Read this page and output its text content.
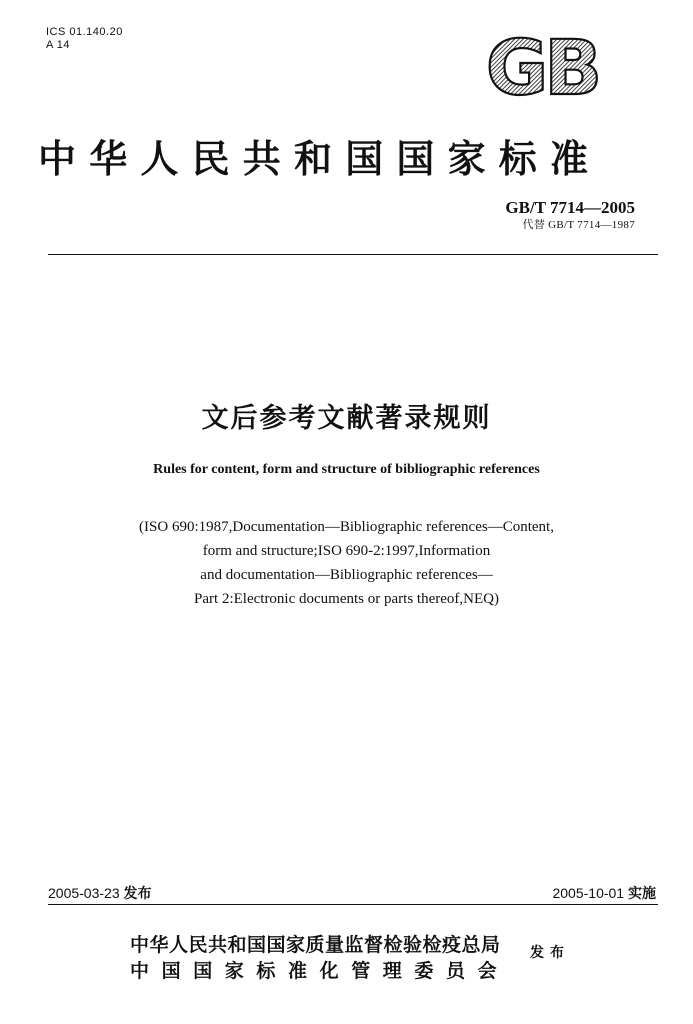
ICS 01.140.20
A 14	GB
中华人民共和国国家标准
GB/T 7714—2005
代替 GB/T 7714—1987
文后参考文献著录规则
Rules for content, form and structure of bibliographic references
(ISO 690:1987,Documentation—Bibliographic references—Content,
form and structure;ISO 690-2:1997,Information
and documentation—Bibliographic references—
Part 2:Electronic documents or parts thereof,NEQ)
2005-03-23 发布	2005-10-01 实施
中华人民共和国国家质量监督检验检疫总局
中国国家标准化管理委员会
发布
